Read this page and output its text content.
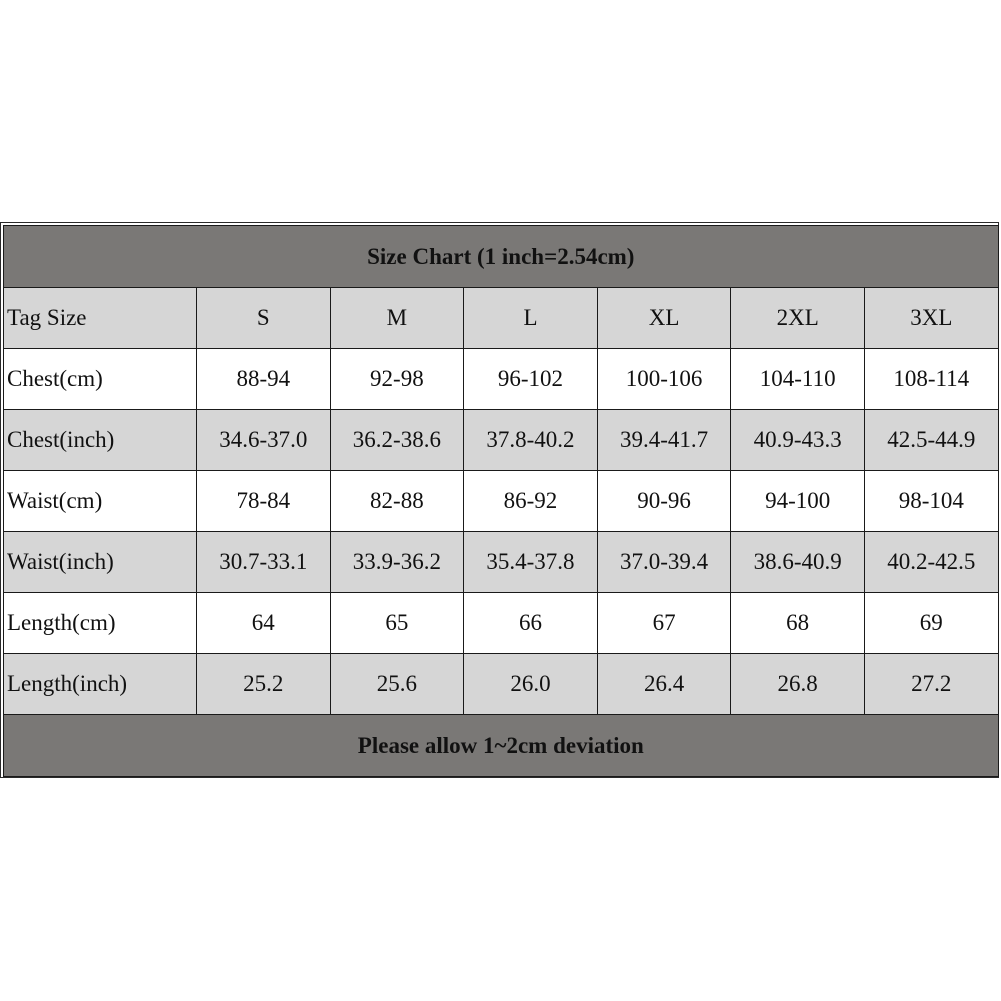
Size Chart (1 inch=2.54cm)						
Tag Size	S	M	L	XL	2XL	3XL
Chest(cm)	88-94	92-98	96-102	100-106	104-110	108-114
Chest(inch)	34.6-37.0	36.2-38.6	37.8-40.2	39.4-41.7	40.9-43.3	42.5-44.9
Waist(cm)	78-84	82-88	86-92	90-96	94-100	98-104
Waist(inch)	30.7-33.1	33.9-36.2	35.4-37.8	37.0-39.4	38.6-40.9	40.2-42.5
Length(cm)	64	65	66	67	68	69
Length(inch)	25.2	25.6	26.0	26.4	26.8	27.2
Please allow 1~2cm deviation						
